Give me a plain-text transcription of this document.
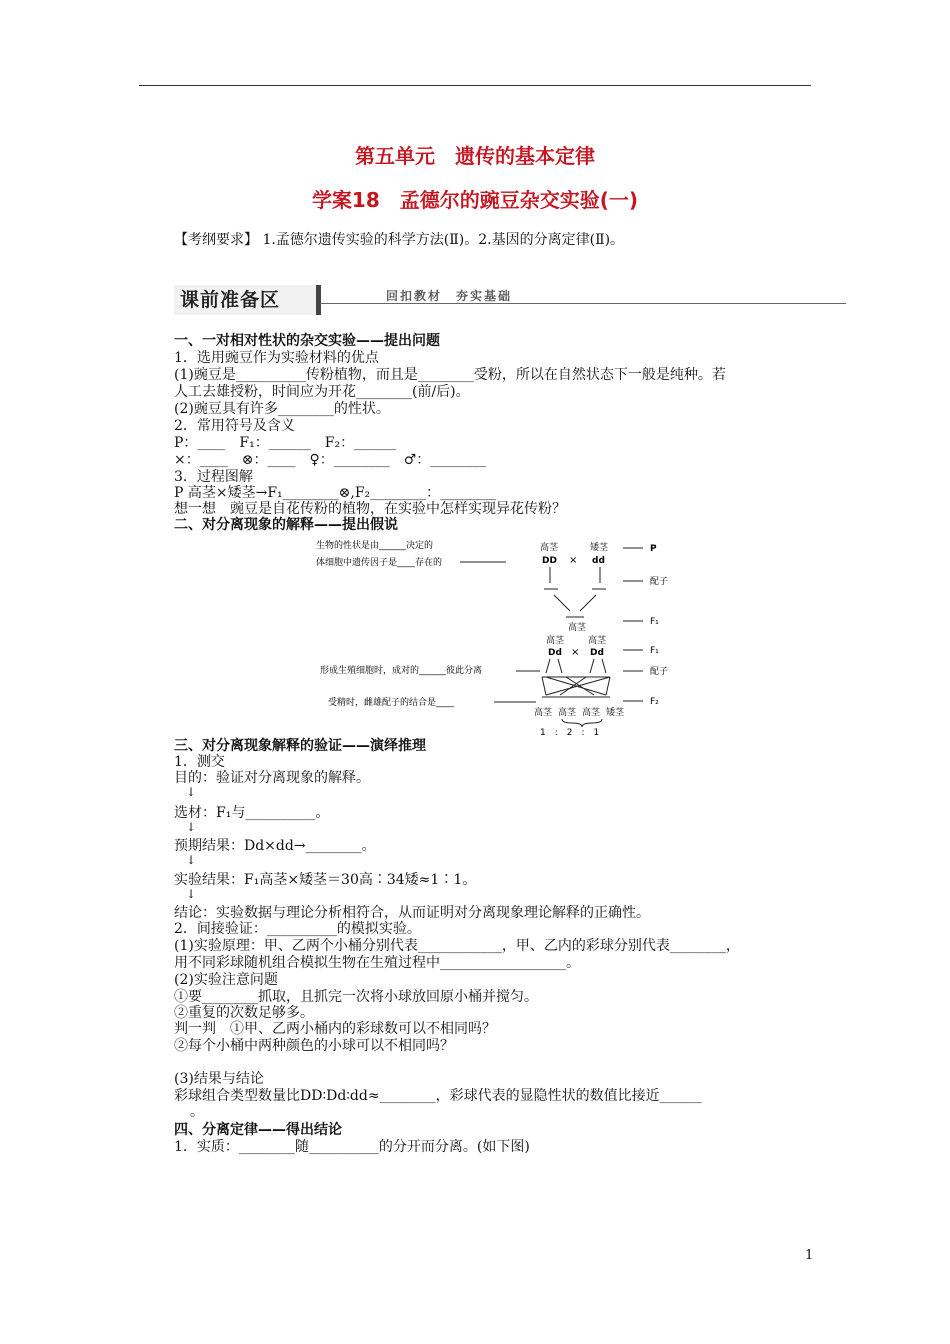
第五单元　遗传的基本定律
学案18　孟德尔的豌豆杂交实验(一)
【考纲要求】 1.孟德尔遗传实验的科学方法(Ⅱ)。2.基因的分离定律(Ⅱ)。
课前准备区	回扣教材　夯实基础
一、一对相对性状的杂交实验——提出问题
1．选用豌豆作为实验材料的优点
(1)豌豆是__________传粉植物，而且是________受粉，所以在自然状态下一般是纯种。若
人工去雄授粉，时间应为开花________(前/后)。
(2)豌豆具有许多________的性状。
2．常用符号及含义
P：____　F₁：______　F₂：______
×：____　⊗：____　♀：________　♂：________
3．过程图解
P 高茎×矮茎→F₁________⊗,F₂________：________
想一想　豌豆是自花传粉的植物，在实验中怎样实现异花传粉？
二、对分离现象的解释——提出假说
生物的性状是由______决定的
体细胞中遗传因子是____存在的
高茎	矮茎
DD × dd
P
配子
高茎
F₁
高茎	高茎
Dd × Dd	F₁
形成生殖细胞时，成对的______彼此分离	配子
受精时，雌雄配子的结合是____	F₂
高茎 高茎 高茎 矮茎
1　:　2　:　1
三、对分离现象解释的验证——演绎推理
1．测交
目的：验证对分离现象的解释。
↓
选材：F₁与__________。
↓
预期结果：Dd×dd→________。
↓
实验结果：F₁高茎×矮茎＝30高∶34矮≈1∶1。
↓
结论：实验数据与理论分析相符合，从而证明对分离现象理论解释的正确性。
2．间接验证：__________的模拟实验。
(1)实验原理：甲、乙两个小桶分别代表____________，甲、乙内的彩球分别代表________，
用不同彩球随机组合模拟生物在生殖过程中__________________。
(2)实验注意问题
①要________抓取，且抓完一次将小球放回原小桶并搅匀。
②重复的次数足够多。
判一判　①甲、乙两小桶内的彩球数可以不相同吗？
②每个小桶中两种颜色的小球可以不相同吗？
(3)结果与结论
彩球组合类型数量比DD∶Dd∶dd≈________，彩球代表的显隐性状的数值比接近______
。
四、分离定律——得出结论
1．实质：________随__________的分开而分离。(如下图)
1
